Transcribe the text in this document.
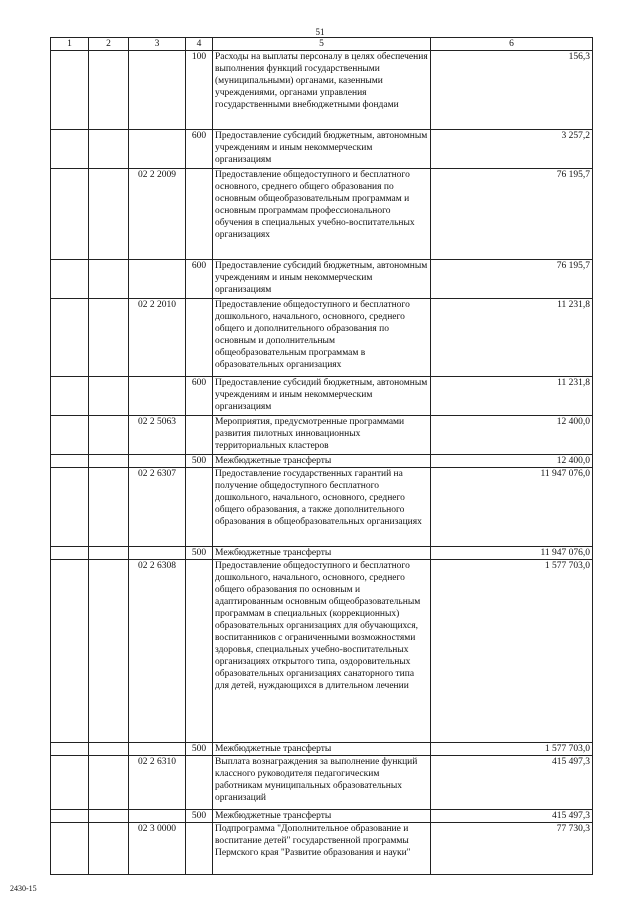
51
1	2	3	4	5	6
			100	Расходы на выплаты персоналу в целях обеспечения выполнения функций государственными (муниципальными) органами, казенными учреждениями, органами управления государственными внебюджетными фондами	156,3
			600	Предоставление субсидий бюджетным, автономным учреждениям и иным некоммерческим организациям	3 257,2
		02 2 2009		Предоставление общедоступного и бесплатного основного, среднего общего образования по основным общеобразовательным программам и основным программам профессионального обучения в специальных учебно-воспитательных организациях	76 195,7
			600	Предоставление субсидий бюджетным, автономным учреждениям и иным некоммерческим организациям	76 195,7
		02 2 2010		Предоставление общедоступного и бесплатного дошкольного, начального, основного, среднего общего и дополнительного образования по основным и дополнительным общеобразовательным программам в образовательных организациях	11 231,8
			600	Предоставление субсидий бюджетным, автономным учреждениям и иным некоммерческим организациям	11 231,8
		02 2 5063		Мероприятия, предусмотренные программами развития пилотных инновационных территориальных кластеров	12 400,0
			500	Межбюджетные трансферты	12 400,0
		02 2 6307		Предоставление государственных гарантий на получение общедоступного бесплатного дошкольного, начального, основного, среднего общего образования, а также дополнительного образования в общеобразовательных организациях	11 947 076,0
			500	Межбюджетные трансферты	11 947 076,0
		02 2 6308		Предоставление общедоступного и бесплатного дошкольного, начального, основного, среднего общего образования по основным и адаптированным основным общеобразовательным программам в специальных (коррекционных) образовательных организациях для обучающихся, воспитанников с ограниченными возможностями здоровья, специальных учебно-воспитательных организациях открытого типа, оздоровительных образовательных организациях санаторного типа для детей, нуждающихся в длительном лечении	1 577 703,0
			500	Межбюджетные трансферты	1 577 703,0
		02 2 6310		Выплата вознаграждения за выполнение функций классного руководителя педагогическим работникам муниципальных образовательных организаций	415 497,3
			500	Межбюджетные трансферты	415 497,3
		02 3 0000		Подпрограмма "Дополнительное образование и воспитание детей" государственной программы Пермского края "Развитие образования и науки"	77 730,3
2430-15
